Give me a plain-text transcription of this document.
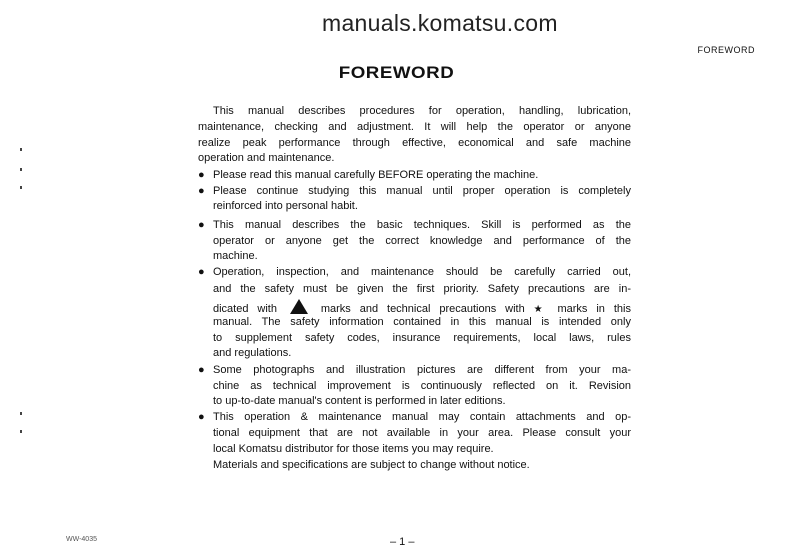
manuals.komatsu.com
FOREWORD
FOREWORD
This manual describes procedures for operation, handling, lubrication,
maintenance, checking and adjustment. It will help the operator or anyone
realize peak performance through effective, economical and safe machine
operation and maintenance.
● Please read this manual carefully BEFORE operating the machine.
● Please continue studying this manual until proper operation is completely
reinforced into personal habit.
● This manual describes the basic techniques. Skill is performed as the
operator or anyone get the correct knowledge and performance of the
machine.
● Operation, inspection, and maintenance should be carefully carried out,
and the safety must be given the first priority. Safety precautions are in-
dicated with	marks and technical precautions with ★ marks in this
manual. The safety information contained in this manual is intended only
to supplement safety codes, insurance requirements, local laws, rules
and regulations.
● Some photographs and illustration pictures are different from your ma-
chine as technical improvement is continuously reflected on it. Revision
to up-to-date manual's content is performed in later editions.
● This operation & maintenance manual may contain attachments and op-
tional equipment that are not available in your area. Please consult your
local Komatsu distributor for those items you may require.
Materials and specifications are subject to change without notice.
WW-4035	– 1 –
